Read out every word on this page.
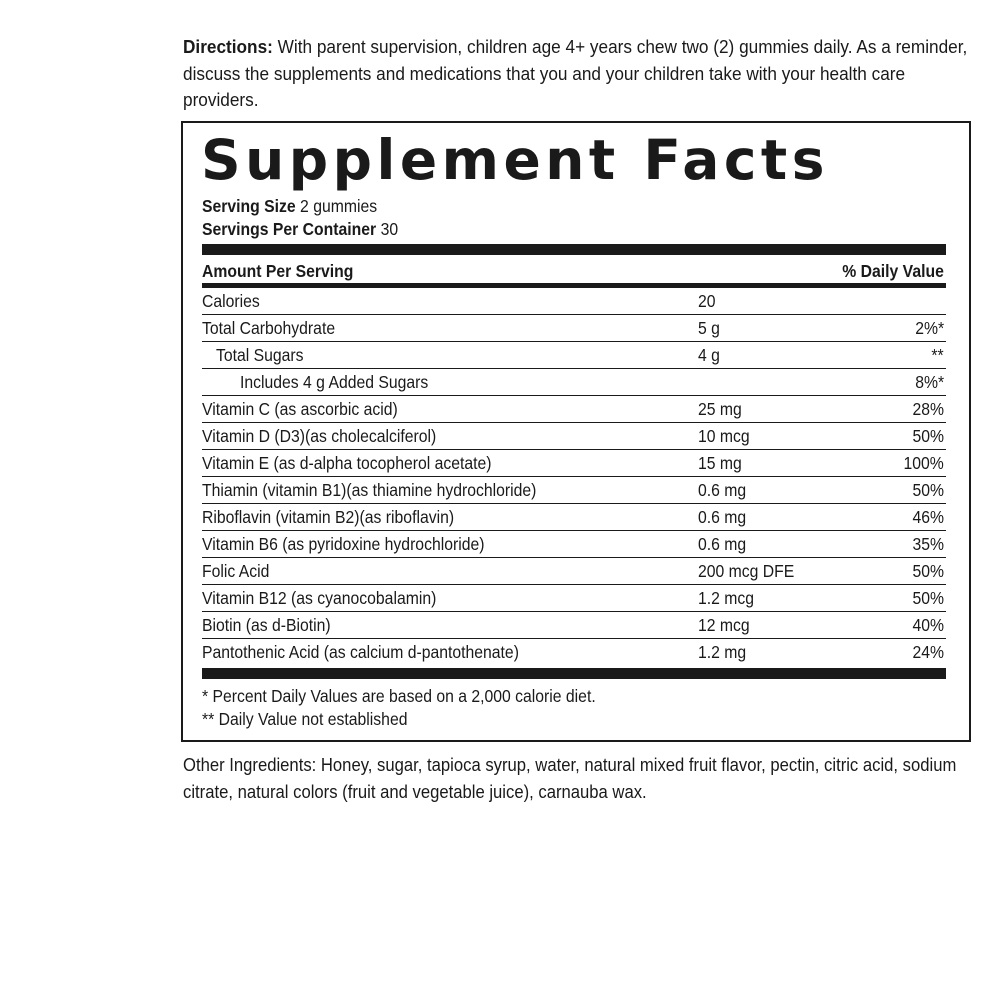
Directions: With parent supervision, children age 4+ years chew two (2) gummies daily. As a reminder, discuss the supplements and medications that you and your children take with your health care providers.
Supplement Facts
Serving Size 2 gummies
Servings Per Container 30
Amount Per Serving	% Daily Value
Calories	20
Total Carbohydrate	5 g	2%*
Total Sugars	4 g	**
Includes 4 g Added Sugars	8%*
Vitamin C (as ascorbic acid)	25 mg	28%
Vitamin D (D3)(as cholecalciferol)	10 mcg	50%
Vitamin E (as d-alpha tocopherol acetate)	15 mg	100%
Thiamin (vitamin B1)(as thiamine hydrochloride)	0.6 mg	50%
Riboflavin (vitamin B2)(as riboflavin)	0.6 mg	46%
Vitamin B6 (as pyridoxine hydrochloride)	0.6 mg	35%
Folic Acid	200 mcg DFE	50%
Vitamin B12 (as cyanocobalamin)	1.2 mcg	50%
Biotin (as d-Biotin)	12 mcg	40%
Pantothenic Acid (as calcium d-pantothenate)	1.2 mg	24%
* Percent Daily Values are based on a 2,000 calorie diet.
** Daily Value not established
Other Ingredients: Honey, sugar, tapioca syrup, water, natural mixed fruit flavor, pectin, citric acid, sodium citrate, natural colors (fruit and vegetable juice), carnauba wax.
